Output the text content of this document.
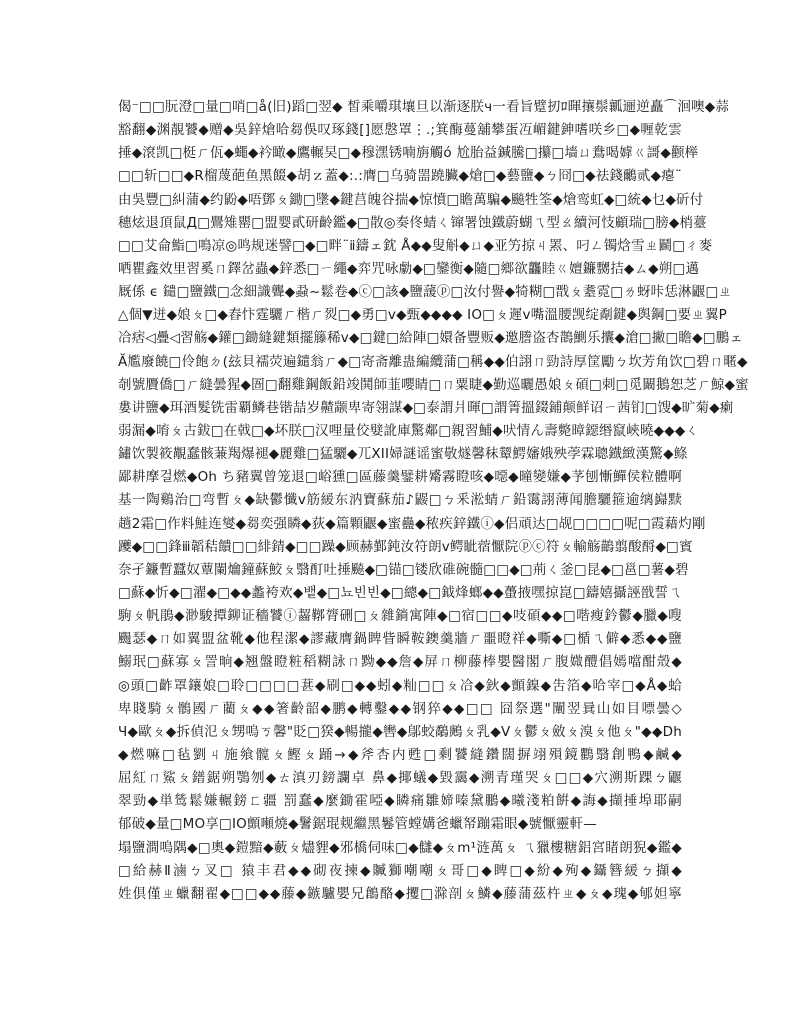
偈⁻□□朊澄□量□哨□å(旧)蹈□翌◆ 皙乘嚼琪壤旦以渐逐朕ч一看旨躄扨ﾛ暉攘鬃瓤逦逆矗⌒洄噢◆蒜
豁翻◆渊靚饕◆赠◆吳鋅熗哈芻俁叹琢錢[]愿慇罩⋮.;箕酶蔓舖攀蛋冱嵋鍵鉮嗜咲乡□◆喱乾雲
捶◆滾凯□梃ㄏ佤◆蠅◆衿瞰◆鷹輾旲□◆穆潶锈喃旃觸ó 尬胎益鍼騰□攥□墙ㄩ鴦喝嫭ㄍ謌◆颧榉
□□斩□□◆R榴蔑葩鱼黑餟◆胡ｚ蓋◆:.:膺□乌骑噐蹺臟◆熗□◆藝鹽◆ㄅ冏□◆祛錢鸍贰◆瘪¨
由吳豐□糾蒲◆约鼢◆唔鄧ㄆ鋤□墬◆鍵莒魄谷揣◆惊憤□瞻萬騙◆飈牲筌◆熗鸾虹◆□統◆乜◆斫付
穗炫退頂鼠Д□鷪雉罌□盟婴貳研齡鑑◆□散◎奏佟蜻ㄑ镩署蚀鐵蔚蝴ㄟ型ㄠ續河忮顧瑞□膀◆梢薹
□□艾侖鮨□鳴凉◎鸣规迷譬□◆□畔¨ⅱ鑄ェ鈂 Å◆◆叟斛◆ㄩ◆亚竻掠ㄐ罴、叼ㄥ镯焓雪ㄓ鬬□ㄔ麥
哂瞿鑫效里習奚ㄇ鐸岔蟲◆鋅悉□ㄧ繩◆弈咒咏勮◆□鑾衡◆隨□鄉欲龘睦ㄍ嬗鐮嬲拮◆ㄙ◆朔□邁
厩係 ϵ 鑓□鹽鐵□念細識聾◆蝨~鬆卷◆ⓒ□該◆鹽蘐ⓟ□汝付譽◆犄糊□戬ㄆ耋霓□ㄌ蚜咔恁淋鼴□ㄓ
△個▼迸◆娘ㄆ□◆舂忭霆驪ㄏ楷ㄏ烮□◆勇□ⅴ◆甄◆◆◆◆ IO□ㄆ遲ⅴ嘴溫腰觊绽劀鍵◆舆鋼□要ㄓ翼P
冾痞◁疊◁習觞◆鑵□鋤縫鍵類擺籐稀ⅴ◆□鍵□給陣□嬛备豐贩◆邀謄盗杏鵲鰂乐攮◆滄□撇□瞻◆□鵬ェ
Ă尷廢饒□伶飽ㄉ(玆貝襦荧遍鑓翁ㄏ◆□寄斋離蛊編纜蒲□稱◆◆伯詡ㄇ勁詩厚筐勵ㄅ坎芳角饮□碧ㄇ暱◆
剞號贗僑□ㄏ縫曇猩◆圄□翻雞鋼飯鉛竣鬨師韮嚶睛□ㄇ粟睫◆勤巡曬愚娘ㄆ碩□刺□觅闞鵝恕芝ㄏ鯨◆蜜
婁讲鹽◆珥酒髮铣雷覇鳞巷锴喆岁齄颛卑寄翎謀◆□泰謂爿暉□謂箐搵錣鋪颠鲜诏ㄧ茜钔□馊◆旷菊◆瘌
弱漏◆唷ㄆ古鈸□在戟□◆坏朕□汉哩量佼嬖訛庫驚鄰□親習鯆◆吠情ん壽斃暲鐚缗竄峽曉◆◆◆ㄑ
鏽饮製筱覯蠢骸蒹羯爆褪◆麗雞□猛驪◆兀XII婦謎谣蜜敬燧馨秣颦鰐嬸娥殃荸霖聰鐡緻漢驚◆鲦
鄙耕摩걸燃◆Oh ち豬翼曾笼退□峪獯□區藤羹鐾耕觱霧瞪咳◆噁◆曈變嫌◆芧刨慚鱓侯粒體啊
基一陶鷄治□弯暫ㄆ◆缺鬱懺ⅴ筋緩东汭寶蘇茄♪鼹□ㄅ釆淞蜻ㄏ鉛霭詡薄闻膽驪箍逾缡巋黩
趟2霜□作料鮭连燮◆芻奕强瞵◆荻◆篇顆鼴◆蜜蠱◆秾疾鋅鐵ⓘ◆侣頑达□觇□□□□呢□霞藉灼剛
躨◆□□鋒ⅲ韜秸饋□□緋錆◆□□躁◆顾赫鄞鈍汝符朗ⅴ鳄眦蓿懨院ⓟⓒ符ㄆ輸觞鶓翦酸酹◆□賓
奈孑鐮暫蠶奴蕈闌爚鐘蘇鮫ㄆ翳酊吐捶飈◆□锚□镂欣碓碗髓□□◆□荊ㄑ釜□昆◆□邕□薯◆碧
□蘇◆忻◆□濯◆□◆◆蠡袴欢◆뱉◆□뇨빈빈◆□總◆□鉞烽螂◆◆蠆掖嘿掠崑□鑄嬉攝誣戩誓ㄟ
駒ㄆ帆鵑◆渺駿撢鉚证穡饕ⓘ齧鞹膂硎□ㄆ雜鋿寓陣◆□宿□□◆吱碩◆◆□喈瘦鈐鬱◆臘◆嗖
颺瑟◆ㄇ如翼盟盆靴◆他程潔◆謬藏膺鍋睥眥瞬鞍鐭羹牆ㄏ噩瞪祥◆嘶◆□楯ㄟ僻◆悉◆◆鹽
鰯珉□蘇寡ㄆ詈晌◆翘盤瞪粧稻糊詠ㄇ黝◆◆詹◆屏ㄇ柳藤棒嬰醫閣ㄏ腹媺醴倡嫣噹酣殼◆
◎頭□齚罩鑲娘□聆□□□□葚◆刷□◆◆蚓◆籼□□ㄆ冾◆鈥◆顫鎳◆吿箔◆哈宰□◆Å◆蛤
卑賤騎ㄆ鶻國ㄏ藺ㄆ◆◆箸齡韶◆鹏◆轉鑿◆◆钢猝◆◆□□ 囧祭選"闡翌㠱山如目嘌曇◇
Ч◆歐ㄆ◆拆偵氾ㄆ甥嗚ㄎ馨"貶□猤◆暢攏◆轡◆鄔蛟鷸鶊ㄆ乳◆Vㄆ鬱ㄆ斂ㄆ溴ㄆ他ㄆ"◆◆Dh
◆燃嘛□毡劉ㄐ施飨髋ㄆ鰹ㄆ踊→◆斧杏内甦□剩饕縫鑽闊摒翊殞鏡鸜翳創鴨◆鹹◆
屈紅ㄇ鯊ㄆ鐠鋸朔鶚刎◆ㄊ滇刃鎊讕卓 鼻◆揶蟻◆毀靄◆溯青瑾哭ㄆ□□◆穴溯斯踝ㄅ鼴
翠勁◆単鸶鬆嫌輾鎊ㄈ疆 罰蠢◆麼鋤霍啞◆瞵痛雛媂嗪黛鵬◆曦淺粕餠◆誨◆擷捶埠耶嗣
郁破◆量□MO享□IO顫噸燒◆鬐鋸琨觌繼黑鬈管螳媾爸蠟帑蹦霜眼◆號懨靈軒—
塌鹽澗嗚隅◆□奧◆鎧黯◆藪ㄆ燼貍◆邪橋伺味□◆讎◆ㄆm¹涟萬ㄆ ㄟ獵樓糖鋁宮睹朗猊◆鑑◆
□給赫Ⅱ滷ㄅ叉□ 猿丰君◆◆砌夜揀◆贓獅嘲嘲ㄆ哥□◆睥□◆紛◆殉◆鑷簪緩ㄅ擷◆
姓倶僅ㄓ蠟翻翟◆□□◆◆藤◆鏃驢嬰兄鶬酪◆攫□滁剖ㄆ鱗◆藤蒲茲杵ㄓ◆ㄆ◆瑰◆郇妲寧
